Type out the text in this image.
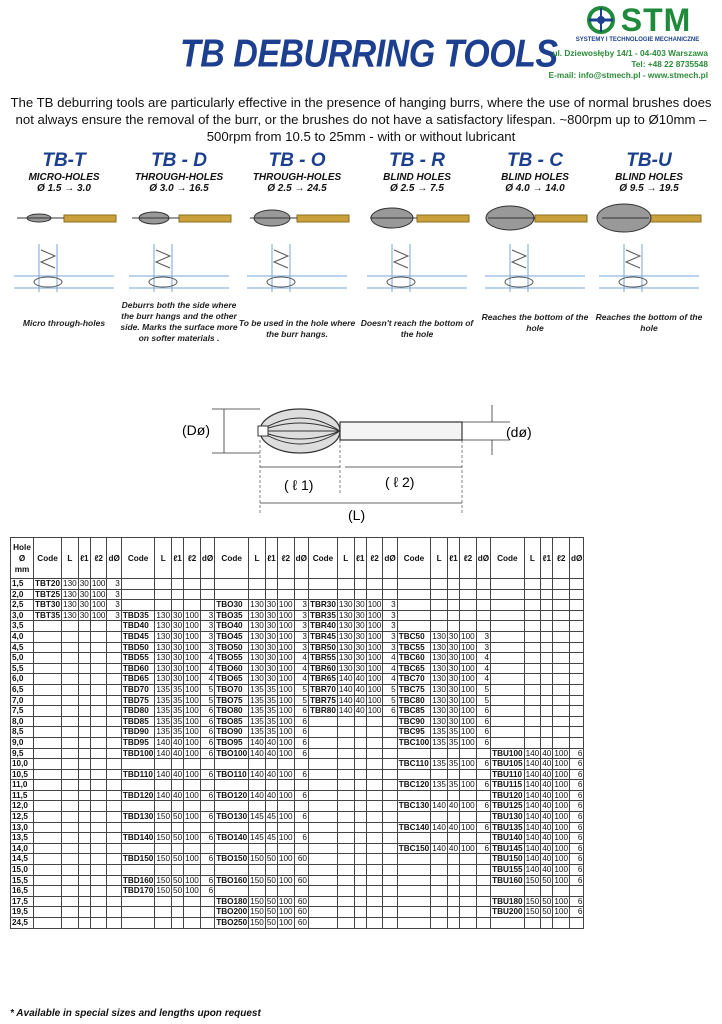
TB DEBURRING TOOLS
STM
SYSTEMY I TECHNOLOGIE MECHANICZNE
ul. Dziewosłęby 14/1 - 04-403 Warszawa
Tel: +48 22 8735548
E-mail: info@stmech.pl - www.stmech.pl
The TB deburring tools are particularly effective in the presence of hanging burrs, where the use of normal brushes does not always ensure the removal of the burr, or the brushes do not have a satisfactory lifespan. ~800rpm up to Ø10mm – 500rpm from 10.5 to 25mm - with or without lubricant
TB-T
MICRO-HOLES
Ø 1.5 → 3.0
Micro through-holes
TB - D
THROUGH-HOLES
Ø 3.0 → 16.5
Deburrs both the side where the burr hangs and the other side. Marks the surface more on softer materials .
TB - O
THROUGH-HOLES
Ø 2.5 → 24.5
To be used in the hole where the burr hangs.
TB - R
BLIND HOLES
Ø 2.5 → 7.5
Doesn't reach the bottom of the hole
TB - C
BLIND HOLES
Ø 4.0 → 14.0
Reaches the bottom of the hole
TB-U
BLIND HOLES
Ø 9.5 → 19.5
Reaches the bottom of the hole
(Dø)	(dø)
( ℓ 1)	( ℓ 2)
(L)
Hole Ø mm	Code	L	ℓ1	ℓ2	dØ	Code	L	ℓ1	ℓ2	dØ	Code	L	ℓ1	ℓ2	dØ	Code	L	ℓ1	ℓ2	dØ	Code	L	ℓ1	ℓ2	dØ	Code	L	ℓ1	ℓ2	dØ
1,5	TBT20	130	30	100	3																									
2,0	TBT25	130	30	100	3																									
2,5	TBT30	130	30	100	3						TBO30	130	30	100	3	TBR30	130	30	100	3										
3,0	TBT35	130	30	100	3	TBD35	130	30	100	3	TBO35	130	30	100	3	TBR35	130	30	100	3										
3,5						TBD40	130	30	100	3	TBO40	130	30	100	3	TBR40	130	30	100	3										
4,0						TBD45	130	30	100	3	TBO45	130	30	100	3	TBR45	130	30	100	3	TBC50	130	30	100	3					
4,5						TBD50	130	30	100	3	TBO50	130	30	100	3	TBR50	130	30	100	3	TBC55	130	30	100	3					
5,0						TBD55	130	30	100	4	TBO55	130	30	100	4	TBR55	130	30	100	4	TBC60	130	30	100	4					
5,5						TBD60	130	30	100	4	TBO60	130	30	100	4	TBR60	130	30	100	4	TBC65	130	30	100	4					
6,0						TBD65	130	30	100	4	TBO65	130	30	100	4	TBR65	140	40	100	4	TBC70	130	30	100	4					
6,5						TBD70	135	35	100	5	TBO70	135	35	100	5	TBR70	140	40	100	5	TBC75	130	30	100	5					
7,0						TBD75	135	35	100	5	TBO75	135	35	100	5	TBR75	140	40	100	5	TBC80	130	30	100	5					
7,5						TBD80	135	35	100	6	TBO80	135	35	100	6	TBR80	140	40	100	6	TBC85	130	30	100	6					
8,0						TBD85	135	35	100	6	TBO85	135	35	100	6						TBC90	130	30	100	6					
8,5						TBD90	135	35	100	6	TBO90	135	35	100	6						TBC95	135	35	100	6					
9,0						TBD95	140	40	100	6	TBO95	140	40	100	6						TBC100	135	35	100	6					
9,5						TBD100	140	40	100	6	TBO100	140	40	100	6											TBU100	140	40	100	6
10,0																					TBC110	135	35	100	6	TBU105	140	40	100	6
10,5						TBD110	140	40	100	6	TBO110	140	40	100	6											TBU110	140	40	100	6
11,0																					TBC120	135	35	100	6	TBU115	140	40	100	6
11,5						TBD120	140	40	100	6	TBO120	140	40	100	6											TBU120	140	40	100	6
12,0																					TBC130	140	40	100	6	TBU125	140	40	100	6
12,5						TBD130	150	50	100	6	TBO130	145	45	100	6											TBU130	140	40	100	6
13,0																					TBC140	140	40	100	6	TBU135	140	40	100	6
13,5						TBD140	150	50	100	6	TBO140	145	45	100	6											TBU140	140	40	100	6
14,0																					TBC150	140	40	100	6	TBU145	140	40	100	6
14,5						TBD150	150	50	100	6	TBO150	150	50	100	60											TBU150	140	40	100	6
15,0																										TBU155	140	40	100	6
15,5						TBD160	150	50	100	6	TBO160	150	50	100	60											TBU160	150	50	100	6
16,5						TBD170	150	50	100	6																				
17,5											TBO180	150	50	100	60											TBU180	150	50	100	6
19,5											TBO200	150	50	100	60											TBU200	150	50	100	6
24,5											TBO250	150	50	100	60															
* Available in special sizes and lengths upon request
